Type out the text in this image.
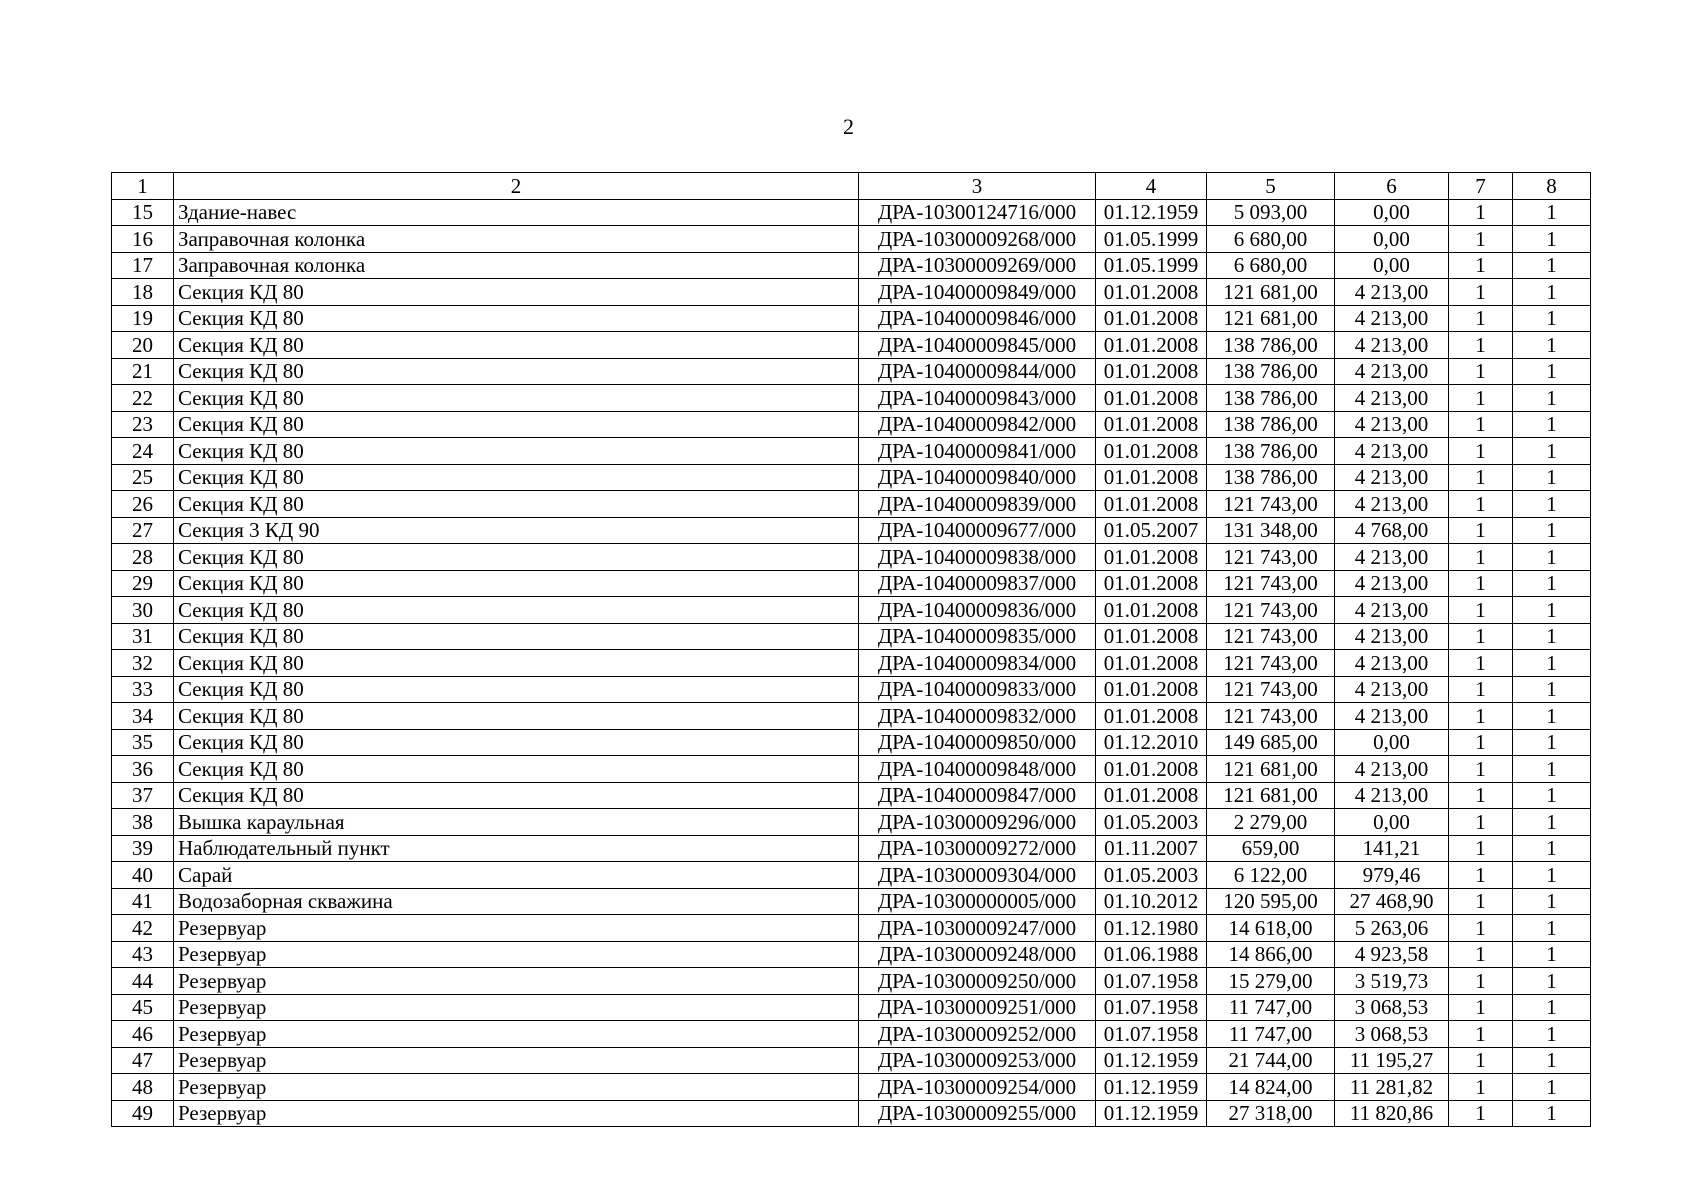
2
1	2	3	4	5	6	7	8
15	Здание-навес	ДРА-10300124716/000	01.12.1959	5 093,00	0,00	1	1
16	Заправочная колонка	ДРА-10300009268/000	01.05.1999	6 680,00	0,00	1	1
17	Заправочная колонка	ДРА-10300009269/000	01.05.1999	6 680,00	0,00	1	1
18	Секция КД 80	ДРА-10400009849/000	01.01.2008	121 681,00	4 213,00	1	1
19	Секция КД 80	ДРА-10400009846/000	01.01.2008	121 681,00	4 213,00	1	1
20	Секция КД 80	ДРА-10400009845/000	01.01.2008	138 786,00	4 213,00	1	1
21	Секция КД 80	ДРА-10400009844/000	01.01.2008	138 786,00	4 213,00	1	1
22	Секция КД 80	ДРА-10400009843/000	01.01.2008	138 786,00	4 213,00	1	1
23	Секция КД 80	ДРА-10400009842/000	01.01.2008	138 786,00	4 213,00	1	1
24	Секция КД 80	ДРА-10400009841/000	01.01.2008	138 786,00	4 213,00	1	1
25	Секция КД 80	ДРА-10400009840/000	01.01.2008	138 786,00	4 213,00	1	1
26	Секция КД 80	ДРА-10400009839/000	01.01.2008	121 743,00	4 213,00	1	1
27	Секция 3 КД 90	ДРА-10400009677/000	01.05.2007	131 348,00	4 768,00	1	1
28	Секция КД 80	ДРА-10400009838/000	01.01.2008	121 743,00	4 213,00	1	1
29	Секция КД 80	ДРА-10400009837/000	01.01.2008	121 743,00	4 213,00	1	1
30	Секция КД 80	ДРА-10400009836/000	01.01.2008	121 743,00	4 213,00	1	1
31	Секция КД 80	ДРА-10400009835/000	01.01.2008	121 743,00	4 213,00	1	1
32	Секция КД 80	ДРА-10400009834/000	01.01.2008	121 743,00	4 213,00	1	1
33	Секция КД 80	ДРА-10400009833/000	01.01.2008	121 743,00	4 213,00	1	1
34	Секция КД 80	ДРА-10400009832/000	01.01.2008	121 743,00	4 213,00	1	1
35	Секция КД 80	ДРА-10400009850/000	01.12.2010	149 685,00	0,00	1	1
36	Секция КД 80	ДРА-10400009848/000	01.01.2008	121 681,00	4 213,00	1	1
37	Секция КД 80	ДРА-10400009847/000	01.01.2008	121 681,00	4 213,00	1	1
38	Вышка караульная	ДРА-10300009296/000	01.05.2003	2 279,00	0,00	1	1
39	Наблюдательный пункт	ДРА-10300009272/000	01.11.2007	659,00	141,21	1	1
40	Сарай	ДРА-10300009304/000	01.05.2003	6 122,00	979,46	1	1
41	Водозаборная скважина	ДРА-10300000005/000	01.10.2012	120 595,00	27 468,90	1	1
42	Резервуар	ДРА-10300009247/000	01.12.1980	14 618,00	5 263,06	1	1
43	Резервуар	ДРА-10300009248/000	01.06.1988	14 866,00	4 923,58	1	1
44	Резервуар	ДРА-10300009250/000	01.07.1958	15 279,00	3 519,73	1	1
45	Резервуар	ДРА-10300009251/000	01.07.1958	11 747,00	3 068,53	1	1
46	Резервуар	ДРА-10300009252/000	01.07.1958	11 747,00	3 068,53	1	1
47	Резервуар	ДРА-10300009253/000	01.12.1959	21 744,00	11 195,27	1	1
48	Резервуар	ДРА-10300009254/000	01.12.1959	14 824,00	11 281,82	1	1
49	Резервуар	ДРА-10300009255/000	01.12.1959	27 318,00	11 820,86	1	1
